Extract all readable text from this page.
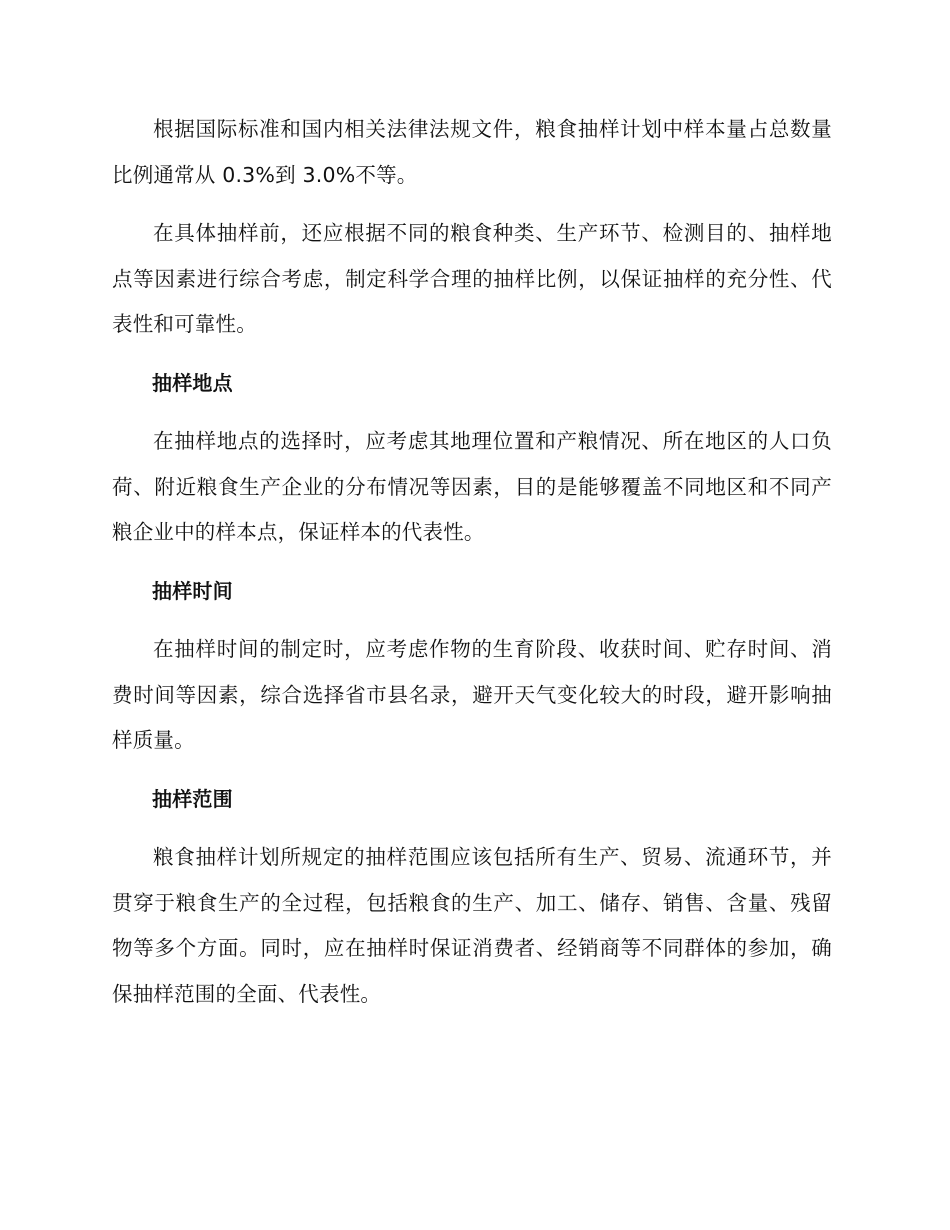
根据国际标准和国内相关法律法规文件，粮食抽样计划中样本量占总数量比例通常从 0.3%到 3.0%不等。

在具体抽样前，还应根据不同的粮食种类、生产环节、检测目的、抽样地点等因素进行综合考虑，制定科学合理的抽样比例，以保证抽样的充分性、代表性和可靠性。

抽样地点

在抽样地点的选择时，应考虑其地理位置和产粮情况、所在地区的人口负荷、附近粮食生产企业的分布情况等因素，目的是能够覆盖不同地区和不同产粮企业中的样本点，保证样本的代表性。

抽样时间

在抽样时间的制定时，应考虑作物的生育阶段、收获时间、贮存时间、消费时间等因素，综合选择省市县名录，避开天气变化较大的时段，避开影响抽样质量。

抽样范围

粮食抽样计划所规定的抽样范围应该包括所有生产、贸易、流通环节，并贯穿于粮食生产的全过程，包括粮食的生产、加工、储存、销售、含量、残留物等多个方面。同时，应在抽样时保证消费者、经销商等不同群体的参加，确保抽样范围的全面、代表性。
